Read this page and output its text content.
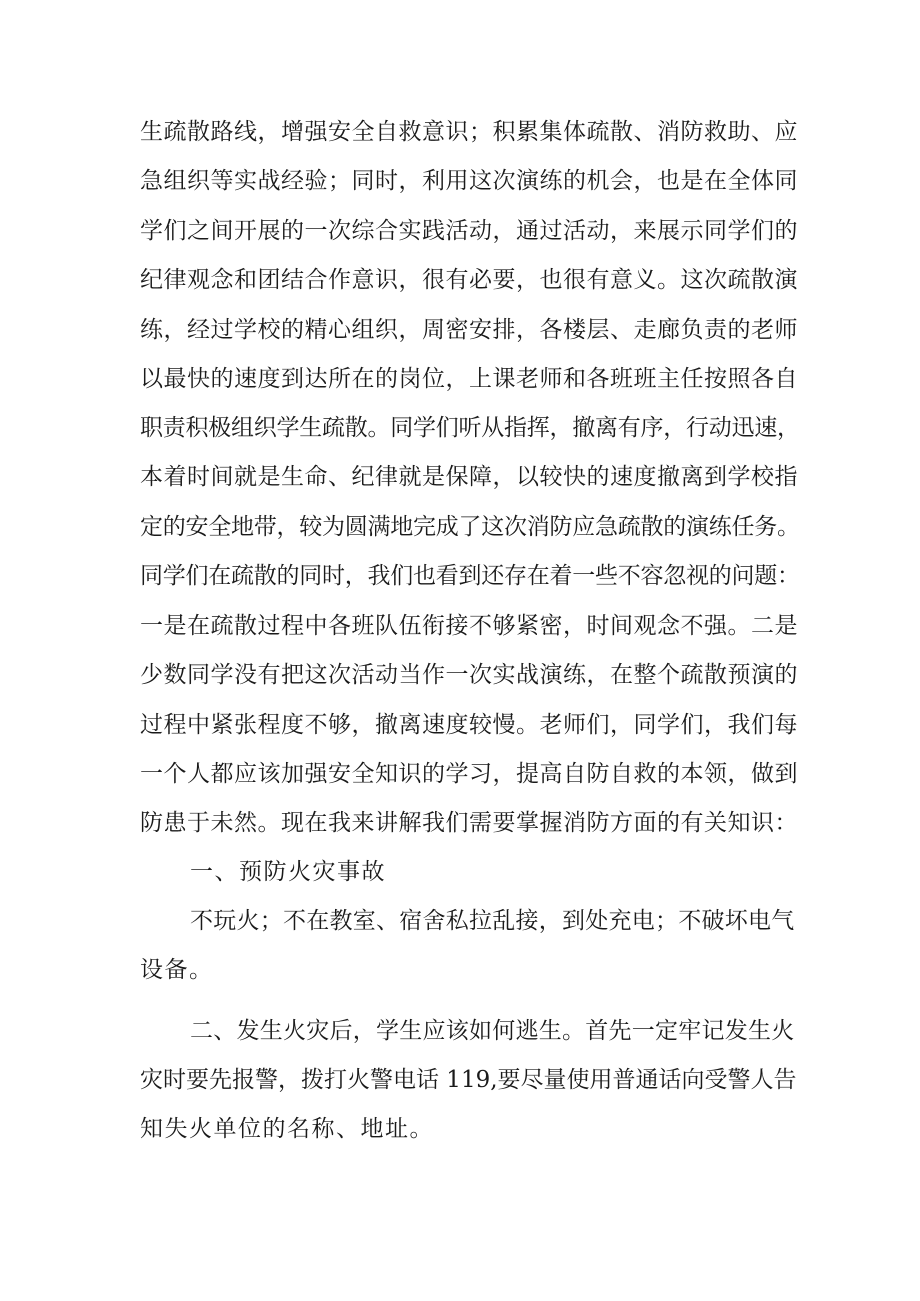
生疏散路线，增强安全自救意识；积累集体疏散、消防救助、应
急组织等实战经验；同时，利用这次演练的机会，也是在全体同
学们之间开展的一次综合实践活动，通过活动，来展示同学们的
纪律观念和团结合作意识，很有必要，也很有意义。这次疏散演
练，经过学校的精心组织，周密安排，各楼层、走廊负责的老师
以最快的速度到达所在的岗位，上课老师和各班班主任按照各自
职责积极组织学生疏散。同学们听从指挥，撤离有序，行动迅速，
本着时间就是生命、纪律就是保障，以较快的速度撤离到学校指
定的安全地带，较为圆满地完成了这次消防应急疏散的演练任务。
同学们在疏散的同时，我们也看到还存在着一些不容忽视的问题：
一是在疏散过程中各班队伍衔接不够紧密，时间观念不强。二是
少数同学没有把这次活动当作一次实战演练，在整个疏散预演的
过程中紧张程度不够，撤离速度较慢。老师们，同学们，我们每
一个人都应该加强安全知识的学习，提高自防自救的本领，做到
防患于未然。现在我来讲解我们需要掌握消防方面的有关知识：
一、预防火灾事故
不玩火；不在教室、宿舍私拉乱接，到处充电；不破坏电气
设备。
二、发生火灾后，学生应该如何逃生。首先一定牢记发生火
灾时要先报警，拨打火警电话 119,要尽量使用普通话向受警人告
知失火单位的名称、地址。
